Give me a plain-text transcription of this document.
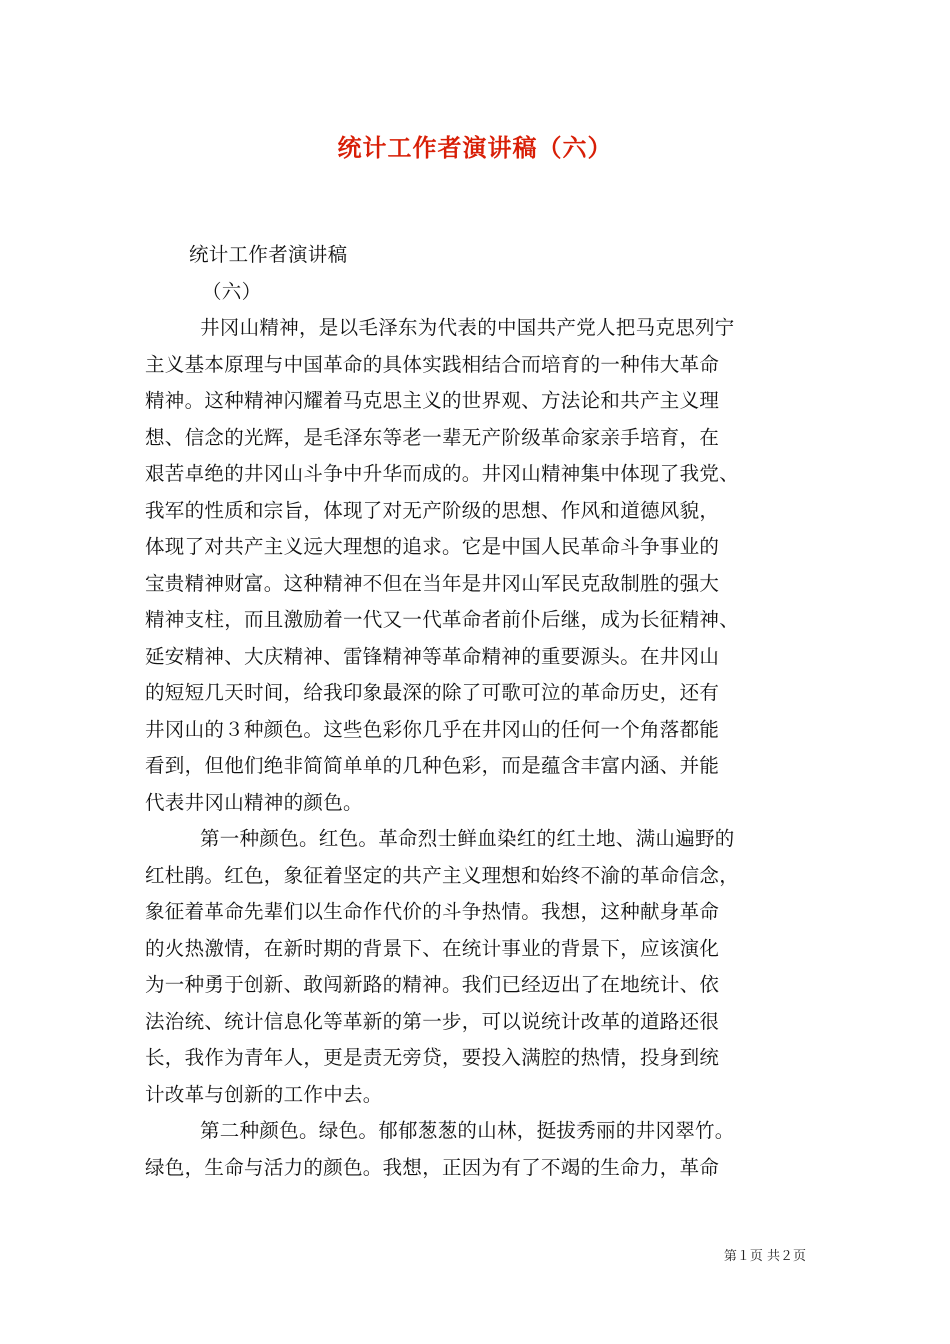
统计工作者演讲稿（六）
统计工作者演讲稿
（六）
井冈山精神，是以毛泽东为代表的中国共产党人把马克思列宁
主义基本原理与中国革命的具体实践相结合而培育的一种伟大革命
精神。这种精神闪耀着马克思主义的世界观、方法论和共产主义理
想、信念的光辉，是毛泽东等老一辈无产阶级革命家亲手培育，在
艰苦卓绝的井冈山斗争中升华而成的。井冈山精神集中体现了我党、
我军的性质和宗旨，体现了对无产阶级的思想、作风和道德风貌，
体现了对共产主义远大理想的追求。它是中国人民革命斗争事业的
宝贵精神财富。这种精神不但在当年是井冈山军民克敌制胜的强大
精神支柱，而且激励着一代又一代革命者前仆后继，成为长征精神、
延安精神、大庆精神、雷锋精神等革命精神的重要源头。在井冈山
的短短几天时间，给我印象最深的除了可歌可泣的革命历史，还有
井冈山的３种颜色。这些色彩你几乎在井冈山的任何一个角落都能
看到，但他们绝非简简单单的几种色彩，而是蕴含丰富内涵、并能
代表井冈山精神的颜色。
第一种颜色。红色。革命烈士鲜血染红的红土地、满山遍野的
红杜鹃。红色，象征着坚定的共产主义理想和始终不渝的革命信念，
象征着革命先辈们以生命作代价的斗争热情。我想，这种献身革命
的火热激情，在新时期的背景下、在统计事业的背景下，应该演化
为一种勇于创新、敢闯新路的精神。我们已经迈出了在地统计、依
法治统、统计信息化等革新的第一步，可以说统计改革的道路还很
长，我作为青年人，更是责无旁贷，要投入满腔的热情，投身到统
计改革与创新的工作中去。
第二种颜色。绿色。郁郁葱葱的山林，挺拔秀丽的井冈翠竹。
绿色，生命与活力的颜色。我想，正因为有了不竭的生命力，革命
第１页 共２页
